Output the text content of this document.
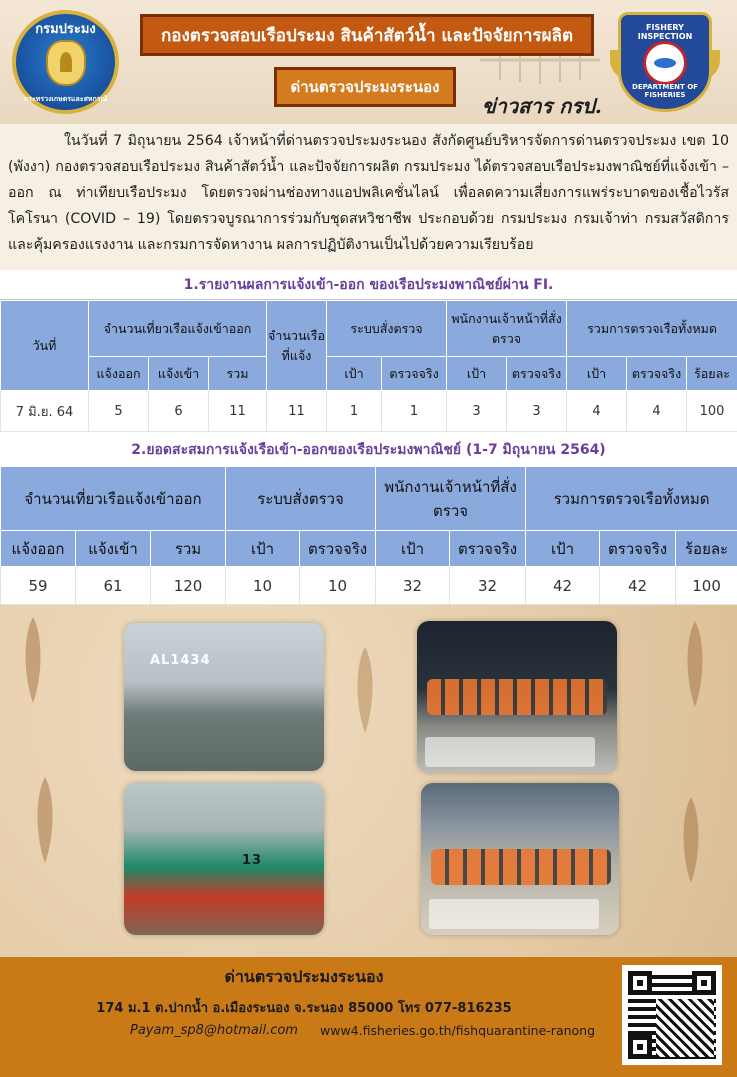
กรมประมง
กระทรวงเกษตรและสหกรณ์
กองตรวจสอบเรือประมง สินค้าสัตว์น้ำ และปัจจัยการผลิต
ด่านตรวจประมงระนอง
ข่าวสาร กรป.
FISHERY INSPECTION
DEPARTMENT OF FISHERIES
ในวันที่ 7 มิถุนายน 2564 เจ้าหน้าที่ด่านตรวจประมงระนอง สังกัดศูนย์บริหารจัดการด่านตรวจประมง เขต 10 (พังงา) กองตรวจสอบเรือประมง สินค้าสัตว์น้ำ และปัจจัยการผลิต กรมประมง ได้ตรวจสอบเรือประมงพาณิชย์ที่แจ้งเข้า – ออก ณ ท่าเทียบเรือประมง โดยตรวจผ่านช่องทางแอปพลิเคชั่นไลน์ เพื่อลดความเสี่ยงการแพร่ระบาดของเชื้อไวรัสโคโรนา (COVID – 19) โดยตรวจบูรณาการร่วมกับชุดสหวิชาชีพ ประกอบด้วย กรมประมง กรมเจ้าท่า กรมสวัสดิการและคุ้มครองแรงงาน และกรมการจัดหางาน ผลการปฏิบัติงานเป็นไปด้วยความเรียบร้อย
1.รายงานผลการแจ้งเข้า-ออก ของเรือประมงพาณิชย์ผ่าน FI.
วันที่	จำนวนเที่ยวเรือแจ้งเข้าออก			จำนวนเรือที่แจ้ง	ระบบสั่งตรวจ		พนักงานเจ้าหน้าที่สั่งตรวจ		รวมการตรวจเรือทั้งหมด		
	แจ้งออก	แจ้งเข้า	รวม		เป้า	ตรวจจริง	เป้า	ตรวจจริง	เป้า	ตรวจจริง	ร้อยละ
7 มิ.ย. 64	5	6	11	11	1	1	3	3	4	4	100
2.ยอดสะสมการแจ้งเรือเข้า-ออกของเรือประมงพาณิชย์ (1-7 มิถุนายน 2564)
จำนวนเที่ยวเรือแจ้งเข้าออก			ระบบสั่งตรวจ		พนักงานเจ้าหน้าที่สั่งตรวจ		รวมการตรวจเรือทั้งหมด		
แจ้งออก	แจ้งเข้า	รวม	เป้า	ตรวจจริง	เป้า	ตรวจจริง	เป้า	ตรวจจริง	ร้อยละ
59	61	120	10	10	32	32	42	42	100
AL1434
13
ด่านตรวจประมงระนอง
174 ม.1 ต.ปากน้ำ อ.เมืองระนอง จ.ระนอง 85000 โทร 077-816235
Payam_sp8@hotmail.com www4.fisheries.go.th/fishquarantine-ranong
